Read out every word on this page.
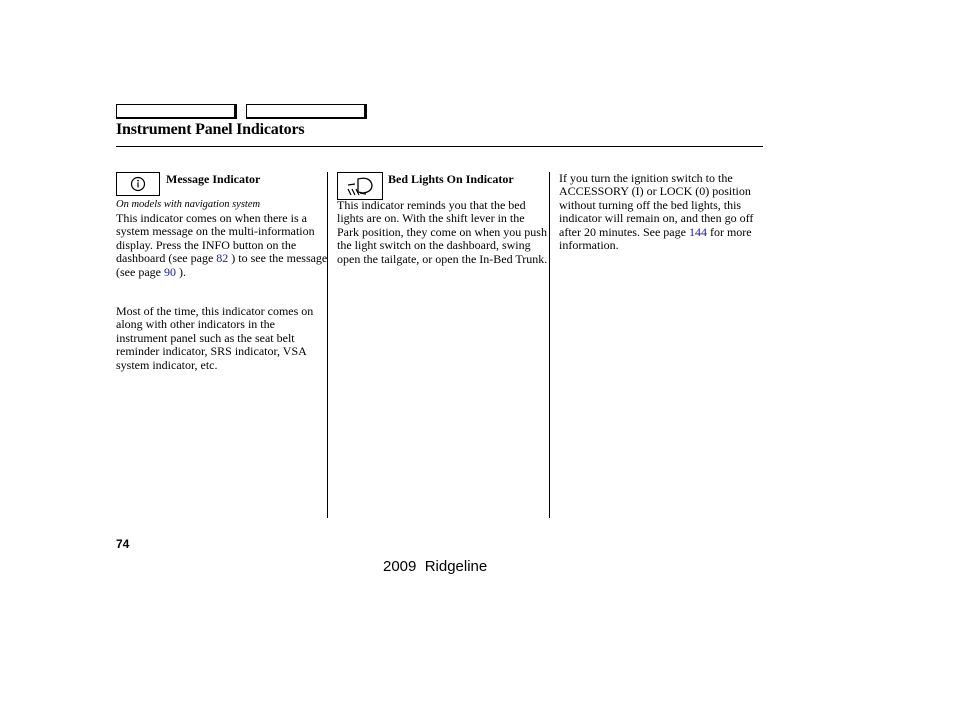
Instrument Panel Indicators
Message Indicator
On models with navigation system
This indicator comes on when there is a system message on the multi-information display. Press the INFO button on the dashboard (see page 82 ) to see the message (see page 90 ).
Most of the time, this indicator comes on along with other indicators in the instrument panel such as the seat belt reminder indicator, SRS indicator, VSA system indicator, etc.
Bed Lights On Indicator
This indicator reminds you that the bed lights are on. With the shift lever in the Park position, they come on when you push the light switch on the dashboard, swing open the tailgate, or open the In-Bed Trunk.
If you turn the ignition switch to the ACCESSORY (I) or LOCK (0) position without turning off the bed lights, this indicator will remain on, and then go off after 20 minutes. See page 144 for more information.
74
2009  Ridgeline
